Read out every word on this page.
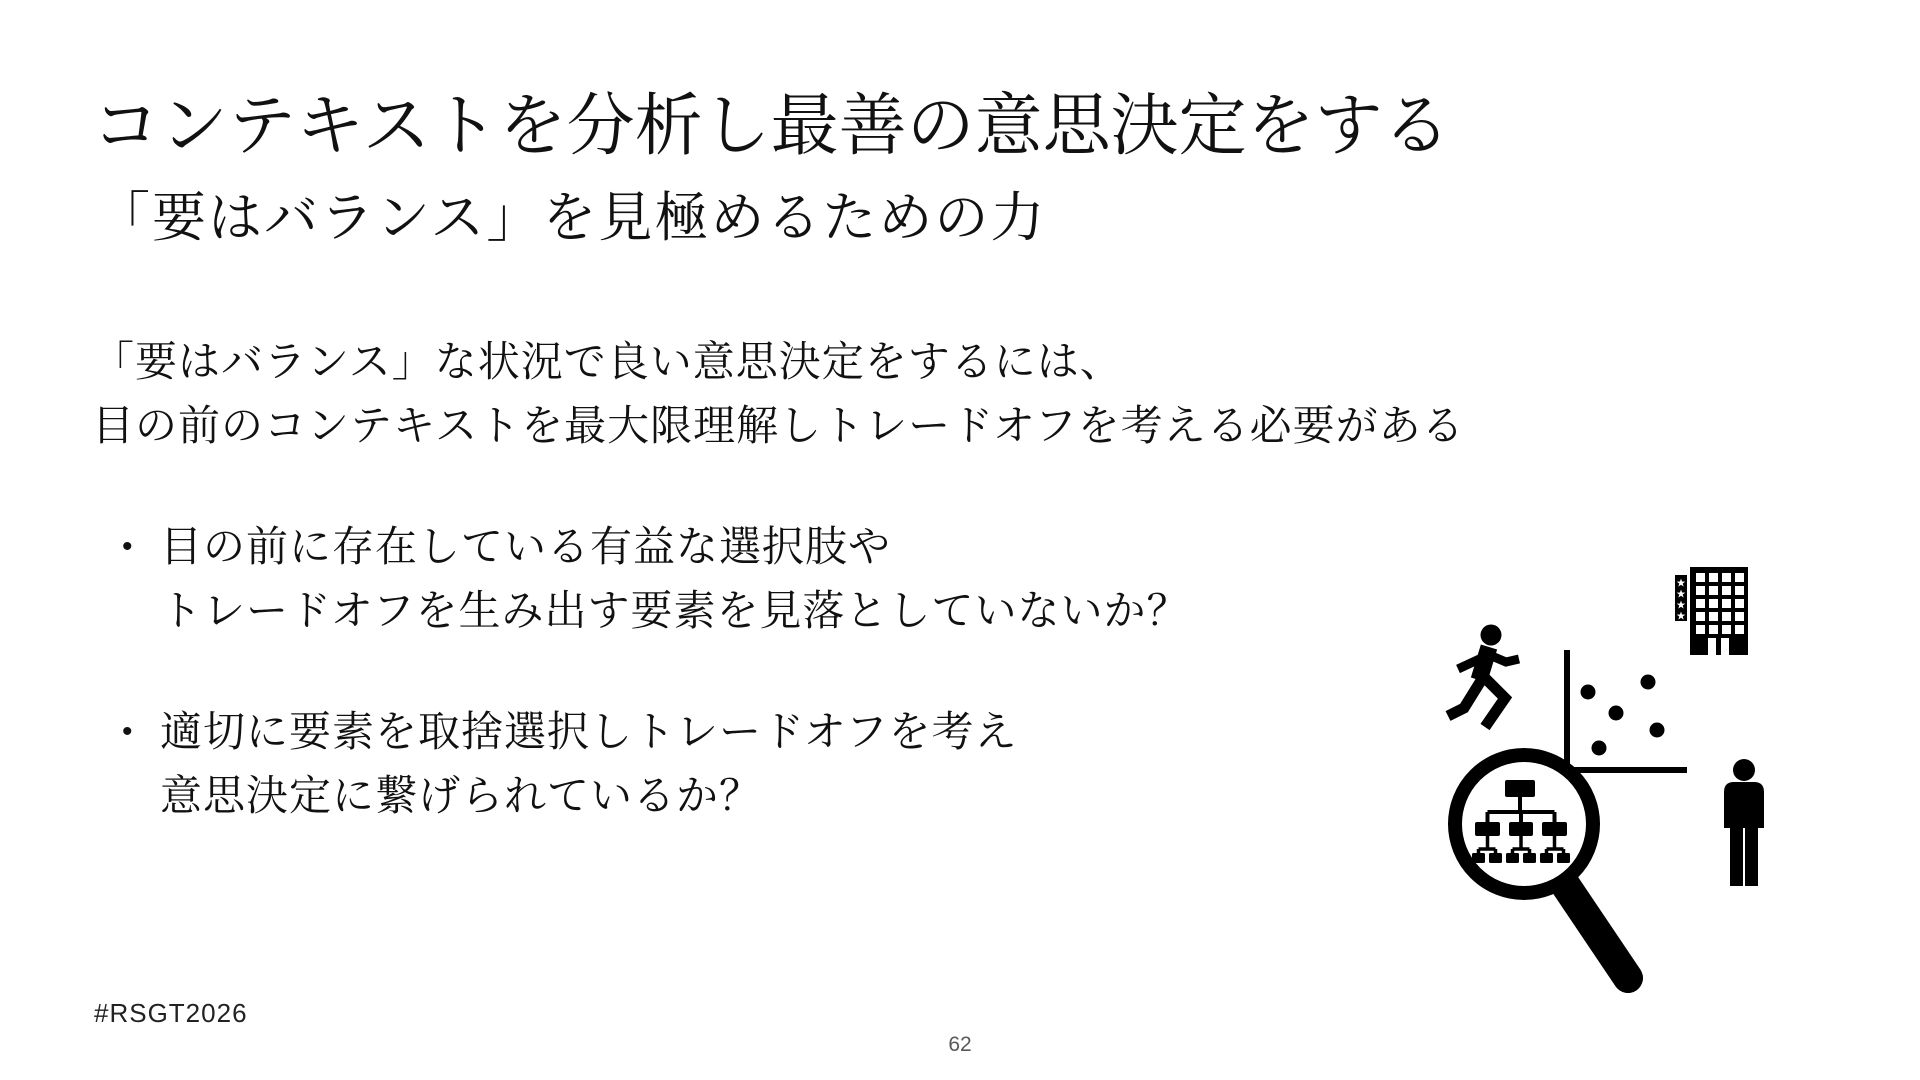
コンテキストを分析し最善の意思決定をする
「要はバランス」を見極めるための力
「要はバランス」な状況で良い意思決定をするには、
目の前のコンテキストを最大限理解しトレードオフを考える必要がある
• 目の前に存在している有益な選択肢や
トレードオフを生み出す要素を見落としていないか？
• 適切に要素を取捨選択しトレードオフを考え
意思決定に繋げられているか？
#RSGT2026
62
